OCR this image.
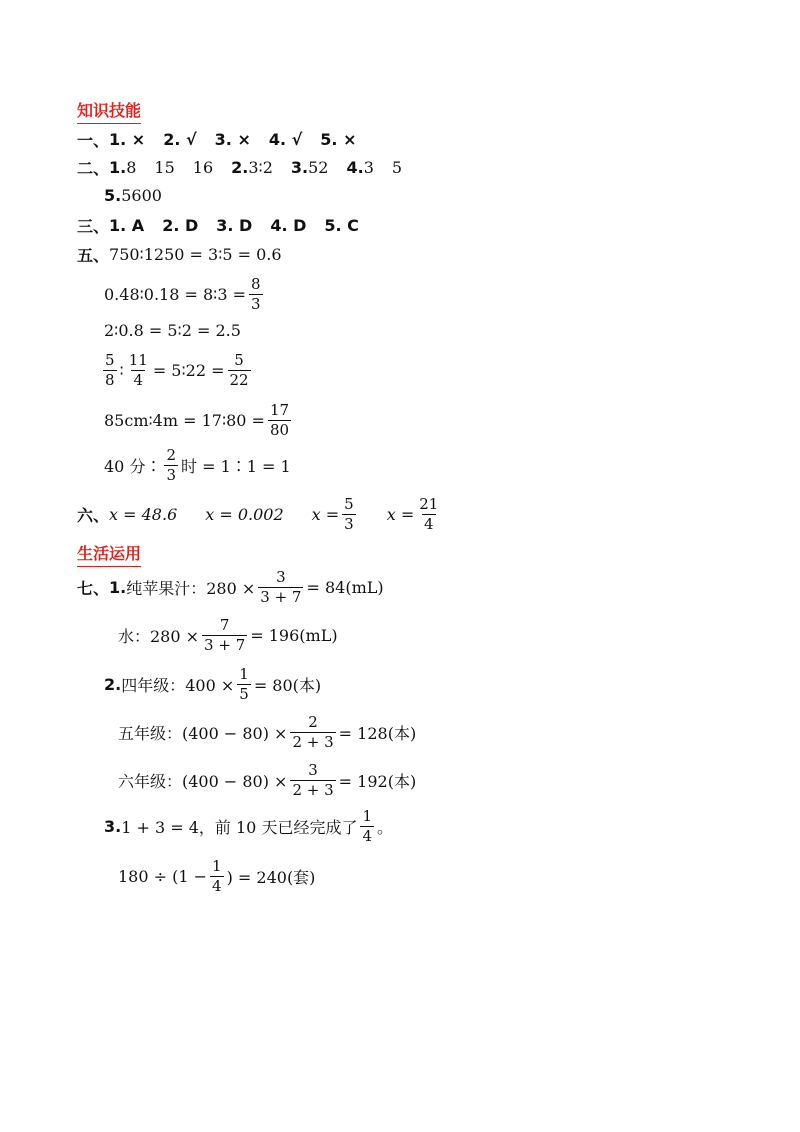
知识技能
一、 1. × 2. √ 3. × 4. √ 5. ×
二、 1. 8 15 16 2. 3∶2 3. 52 4. 3 5
5. 5600
三、 1. A 2. D 3. D 4. D 5. C
五、 750∶1250 = 3∶5 = 0.6
0.48∶0.18 = 8∶3 = $\frac{8}{3}$
2∶0.8 = 5∶2 = 2.5
$\frac{5}{8}$ ∶ $\frac{11}{4}$ = 5∶22 = $\frac{5}{22}$
85cm∶4m = 17∶80 = $\frac{17}{80}$
40 分∶ $\frac{2}{3}$ 时 = 1∶1 = 1
六、 x = 48.6 x = 0.002 $x = \frac{5}{3}$ $x = \frac{21}{4}$
生活运用
七、 1. 纯苹果汁：$280 \times \frac{3}{3 + 7} = 84(mL)$
水：$280 \times \frac{7}{3 + 7} = 196(mL)$
2. 四年级：$400 \times \frac{1}{5} = 80$(本)
五年级：$(400 - 80) \times \frac{2}{2 + 3} = 128$(本)
六年级：$(400 - 80) \times \frac{3}{2 + 3} = 192$(本)
3. 1 + 3 = 4，前 10 天已经完成了 $\frac{1}{4}$ 。
$180 \div (1 - \frac{1}{4}$ ) = 240(套)
